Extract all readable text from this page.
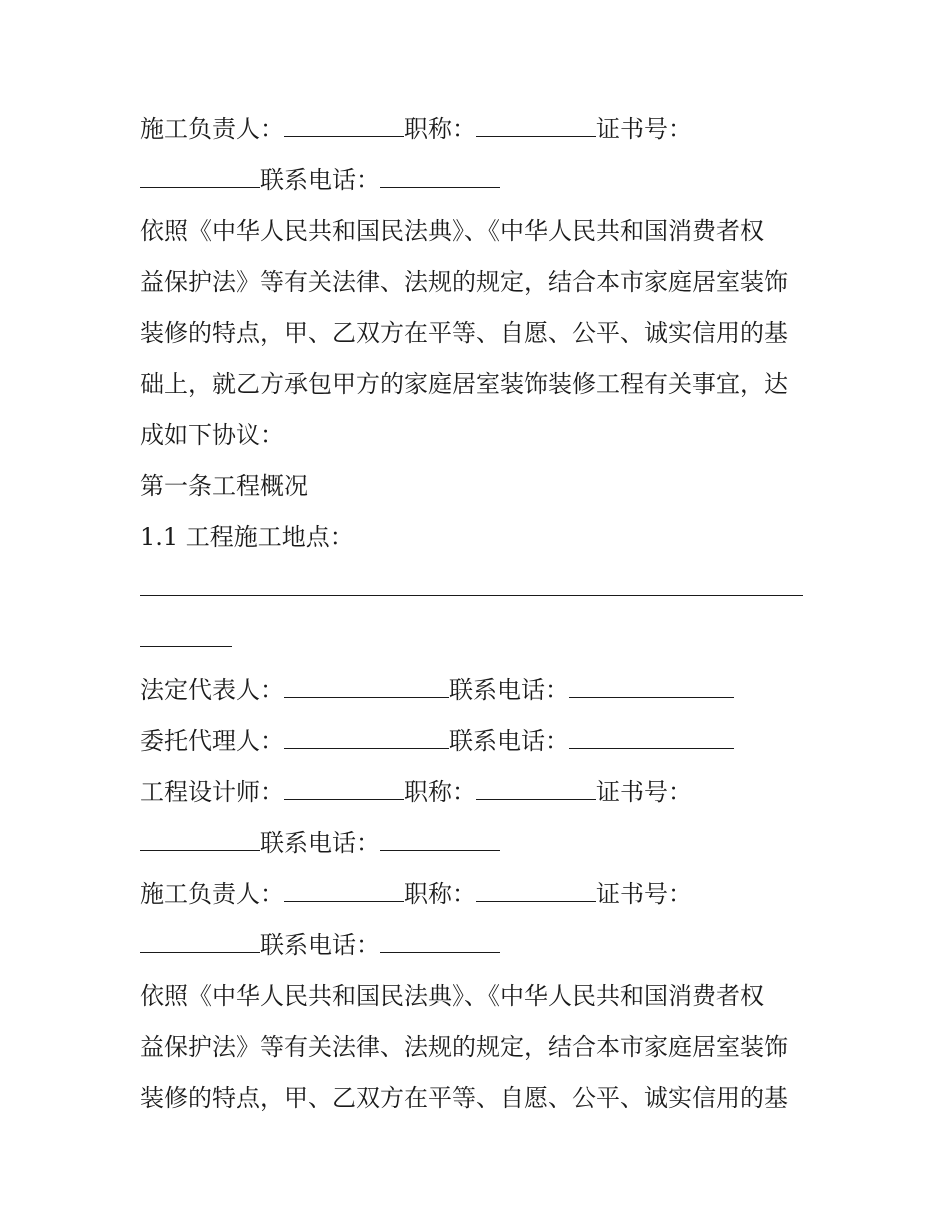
施工负责人：	职称：	证书号：
联系电话：
依照《中华人民共和国民法典》、《中华人民共和国消费者权
益保护法》等有关法律、法规的规定，结合本市家庭居室装饰
装修的特点，甲、乙双方在平等、自愿、公平、诚实信用的基
础上，就乙方承包甲方的家庭居室装饰装修工程有关事宜，达
成如下协议：
第一条工程概况
1.1 工程施工地点：
法定代表人：	联系电话：
委托代理人：	联系电话：
工程设计师：	职称：	证书号：
联系电话：
施工负责人：	职称：	证书号：
联系电话：
依照《中华人民共和国民法典》、《中华人民共和国消费者权
益保护法》等有关法律、法规的规定，结合本市家庭居室装饰
装修的特点，甲、乙双方在平等、自愿、公平、诚实信用的基
